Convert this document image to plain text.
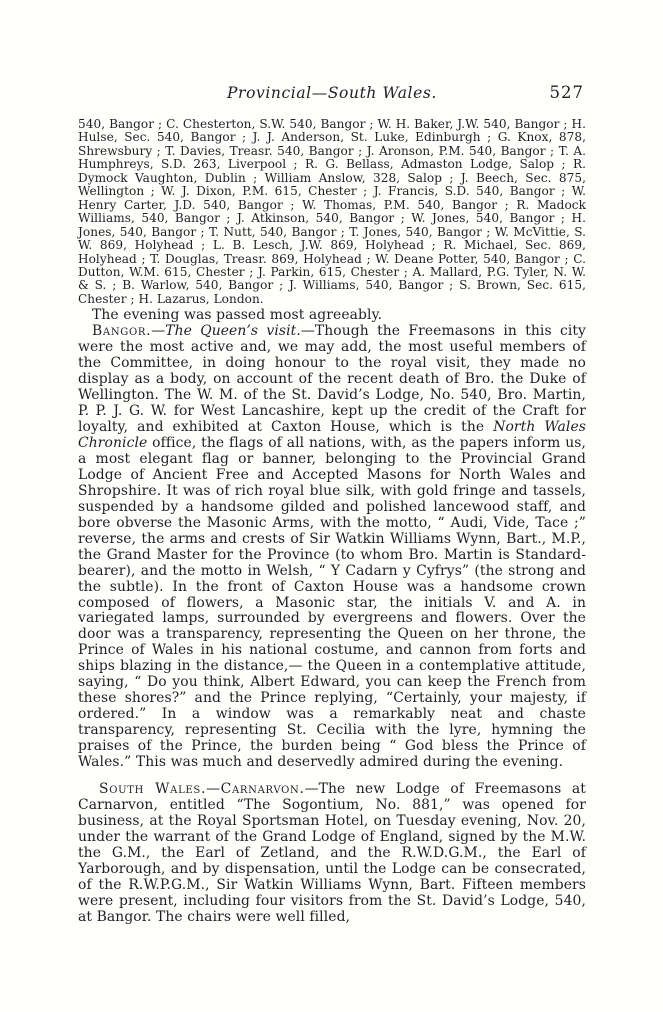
Provincial—South Wales.	527

540, Bangor ; C. Chesterton, S.W. 540, Bangor ; W. H. Baker, J.W. 540, Bangor ; H. Hulse, Sec. 540, Bangor ; J. J. Anderson, St. Luke, Edinburgh ; G. Knox, 878, Shrewsbury ; T. Davies, Treasr. 540, Bangor ; J. Aronson, P.M. 540, Bangor ; T. A. Humphreys, S.D. 263, Liverpool ; R. G. Bellass, Admaston Lodge, Salop ; R. Dymock Vaughton, Dublin ; William Anslow, 328, Salop ; J. Beech, Sec. 875, Wellington ; W. J. Dixon, P.M. 615, Chester ; J. Francis, S.D. 540, Bangor ; W. Henry Carter, J.D. 540, Bangor ; W. Thomas, P.M. 540, Bangor ; R. Madock Williams, 540, Bangor ; J. Atkinson, 540, Bangor ; W. Jones, 540, Bangor ; H. Jones, 540, Bangor ; T. Nutt, 540, Bangor ; T. Jones, 540, Bangor ; W. McVittie, S. W. 869, Holyhead ; L. B. Lesch, J.W. 869, Holyhead ; R. Michael, Sec. 869, Holyhead ; T. Douglas, Treasr. 869, Holyhead ; W. Deane Potter, 540, Bangor ; C. Dutton, W.M. 615, Chester ; J. Parkin, 615, Chester ; A. Mallard, P.G. Tyler, N. W. & S. ; B. Warlow, 540, Bangor ; J. Williams, 540, Bangor ; S. Brown, Sec. 615, Chester ; H. Lazarus, London.

The evening was passed most agreeably.

Bangor.—The Queen’s visit.—Though the Freemasons in this city were the most active and, we may add, the most useful members of the Committee, in doing honour to the royal visit, they made no display as a body, on account of the recent death of Bro. the Duke of Wellington. The W. M. of the St. David’s Lodge, No. 540, Bro. Martin, P. P. J. G. W. for West Lancashire, kept up the credit of the Craft for loyalty, and exhibited at Caxton House, which is the North Wales Chronicle office, the flags of all nations, with, as the papers inform us, a most elegant flag or banner, belonging to the Provincial Grand Lodge of Ancient Free and Accepted Masons for North Wales and Shropshire. It was of rich royal blue silk, with gold fringe and tassels, suspended by a handsome gilded and polished lancewood staff, and bore obverse the Masonic Arms, with the motto, “ Audi, Vide, Tace ;” reverse, the arms and crests of Sir Watkin Williams Wynn, Bart., M.P., the Grand Master for the Province (to whom Bro. Martin is Standard-bearer), and the motto in Welsh, “ Y Cadarn y Cyfrys” (the strong and the subtle). In the front of Caxton House was a handsome crown composed of flowers, a Masonic star, the initials V. and A. in variegated lamps, surrounded by evergreens and flowers. Over the door was a transparency, representing the Queen on her throne, the Prince of Wales in his national costume, and cannon from forts and ships blazing in the distance,— the Queen in a contemplative attitude, saying, “ Do you think, Albert Edward, you can keep the French from these shores?” and the Prince replying, “Certainly, your majesty, if ordered.” In a window was a remarkably neat and chaste transparency, representing St. Cecilia with the lyre, hymning the praises of the Prince, the burden being “ God bless the Prince of Wales.” This was much and deservedly admired during the evening.

South Wales.—Carnarvon.—The new Lodge of Freemasons at Carnarvon, entitled “The Sogontium, No. 881,” was opened for business, at the Royal Sportsman Hotel, on Tuesday evening, Nov. 20, under the warrant of the Grand Lodge of England, signed by the M.W. the G.M., the Earl of Zetland, and the R.W.D.G.M., the Earl of Yarborough, and by dispensation, until the Lodge can be consecrated, of the R.W.P.G.M., Sir Watkin Williams Wynn, Bart. Fifteen members were present, including four visitors from the St. David’s Lodge, 540, at Bangor. The chairs were well filled,
